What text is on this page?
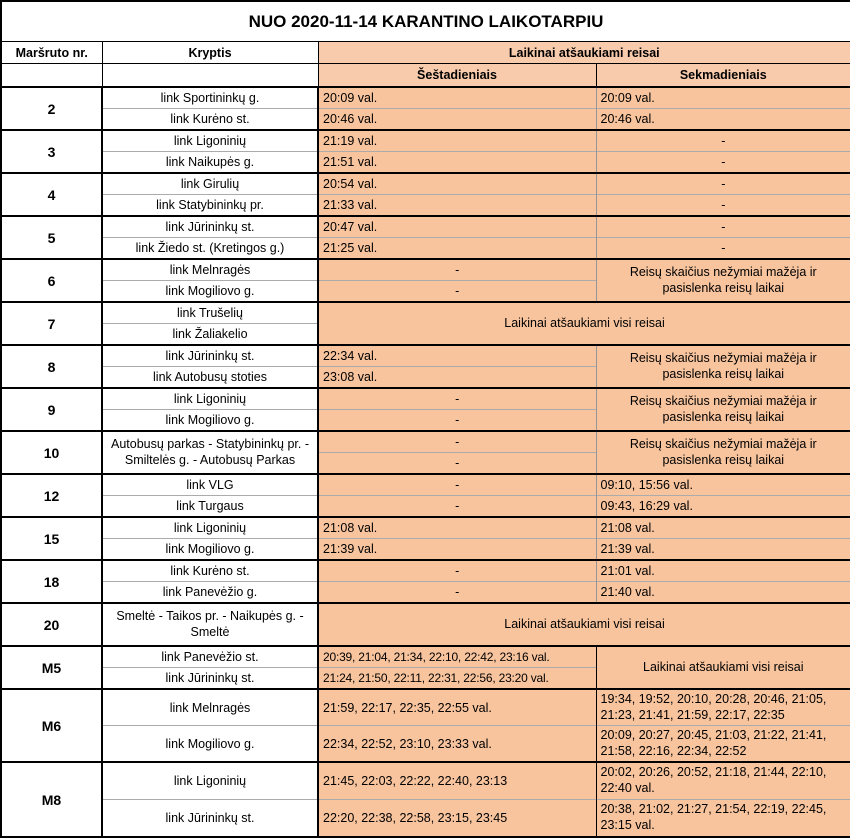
NUO 2020-11-14 KARANTINO LAIKOTARPIU			
Maršruto nr.	Kryptis	Laikinai atšaukiami reisai	
		Šeštadieniais	Sekmadieniais
2	link Sportininkų g.	20:09 val.	20:09 val.
	link Kurėno st.	20:46 val.	20:46 val.
3	link Ligoninių	21:19 val.	-
	link Naikupės g.	21:51 val.	-
4	link Girulių	20:54 val.	-
	link Statybininkų pr.	21:33 val.	-
5	link Jūrininkų st.	20:47 val.	-
	link Žiedo st. (Kretingos g.)	21:25 val.	-
6	link Melnragės	-	Reisų skaičius nežymiai mažėja ir pasislenka reisų laikai
	link Mogiliovo g.	-	
7	link Trušelių	Laikinai atšaukiami visi reisai	
	link Žaliakelio		
8	link Jūrininkų st.	22:34 val.	Reisų skaičius nežymiai mažėja ir pasislenka reisų laikai
	link Autobusų stoties	23:08 val.	
9	link Ligoninių	-	Reisų skaičius nežymiai mažėja ir pasislenka reisų laikai
	link Mogiliovo g.	-	
10	Autobusų parkas - Statybininkų pr. - Smiltelės g. - Autobusų Parkas	-	Reisų skaičius nežymiai mažėja ir pasislenka reisų laikai
		-	
12	link VLG	-	09:10, 15:56 val.
	link Turgaus	-	09:43, 16:29 val.
15	link Ligoninių	21:08 val.	21:08 val.
	link Mogiliovo g.	21:39 val.	21:39 val.
18	link Kurėno st.	-	21:01 val.
	link Panevėžio g.	-	21:40 val.
20	Smeltė - Taikos pr. - Naikupės g. - Smeltė	Laikinai atšaukiami visi reisai	
M5	link Panevėžio st.	20:39, 21:04, 21:34, 22:10, 22:42, 23:16 val.	Laikinai atšaukiami visi reisai
	link Jūrininkų st.	21:24, 21:50, 22:11, 22:31, 22:56, 23:20 val.	
M6	link Melnragės	21:59, 22:17, 22:35, 22:55 val.	19:34, 19:52, 20:10, 20:28, 20:46, 21:05, 21:23, 21:41, 21:59, 22:17, 22:35
	link Mogiliovo g.	22:34, 22:52, 23:10, 23:33 val.	20:09, 20:27, 20:45, 21:03, 21:22, 21:41, 21:58, 22:16, 22:34, 22:52
M8	link Ligoninių	21:45, 22:03, 22:22, 22:40, 23:13	20:02, 20:26, 20:52, 21:18, 21:44, 22:10, 22:40 val.
	link Jūrininkų st.	22:20, 22:38, 22:58, 23:15, 23:45	20:38, 21:02, 21:27, 21:54, 22:19, 22:45, 23:15 val.
